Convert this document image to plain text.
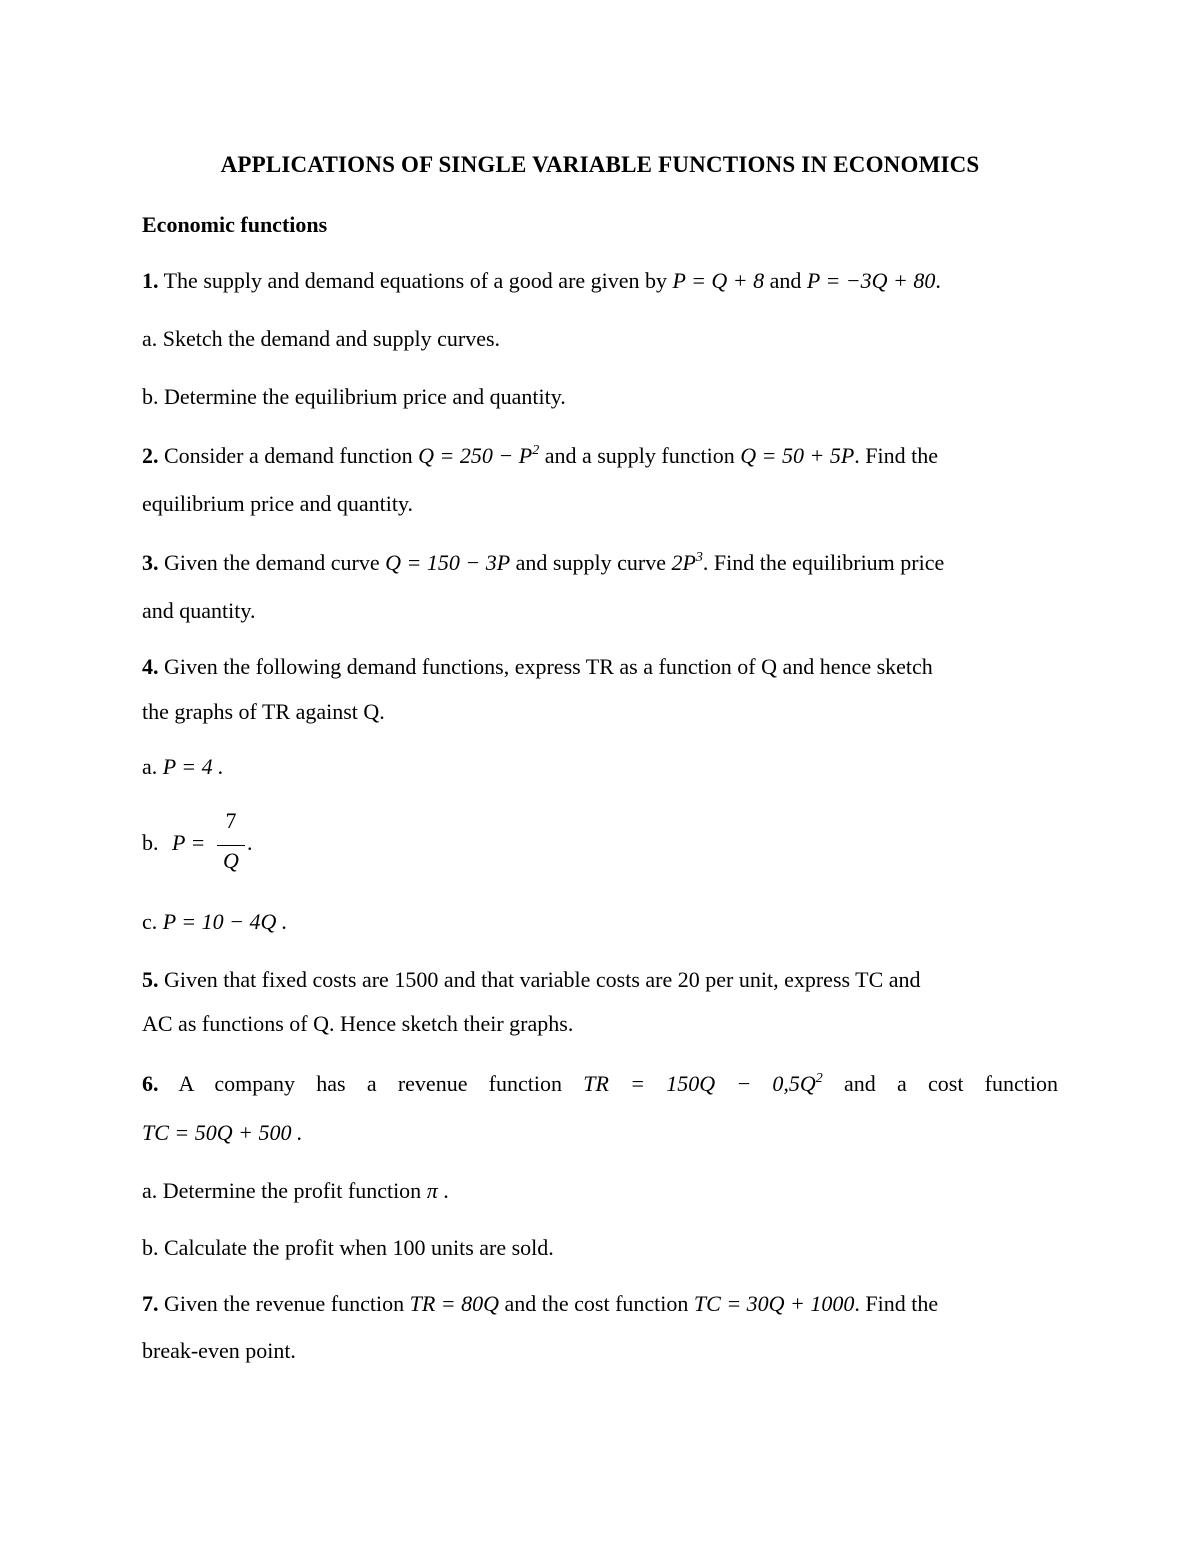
APPLICATIONS OF SINGLE VARIABLE FUNCTIONS IN ECONOMICS
Economic functions
1. The supply and demand equations of a good are given by P = Q + 8 and P = −3Q + 80.
a. Sketch the demand and supply curves.
b. Determine the equilibrium price and quantity.
2. Consider a demand function $Q = 250 - P^2$ and a supply function Q = 50 + 5P. Find the
equilibrium price and quantity.
3. Given the demand curve Q = 150 − 3P and supply curve $2P^3$. Find the equilibrium price
and quantity.
4. Given the following demand functions, express TR as a function of Q and hence sketch
the graphs of TR against Q.
a. P = 4 .
b. P =
7
Q
.
c. P = 10 − 4Q .
5. Given that fixed costs are 1500 and that variable costs are 20 per unit, express TC and
AC as functions of Q. Hence sketch their graphs.
6. A company has a revenue function TR = $150Q - 0,5Q^2$ and a cost function
TC = 50Q + 500 .
a. Determine the profit function π .
b. Calculate the profit when 100 units are sold.
7. Given the revenue function TR = 80Q and the cost function TC = 30Q + 1000. Find the
break-even point.
